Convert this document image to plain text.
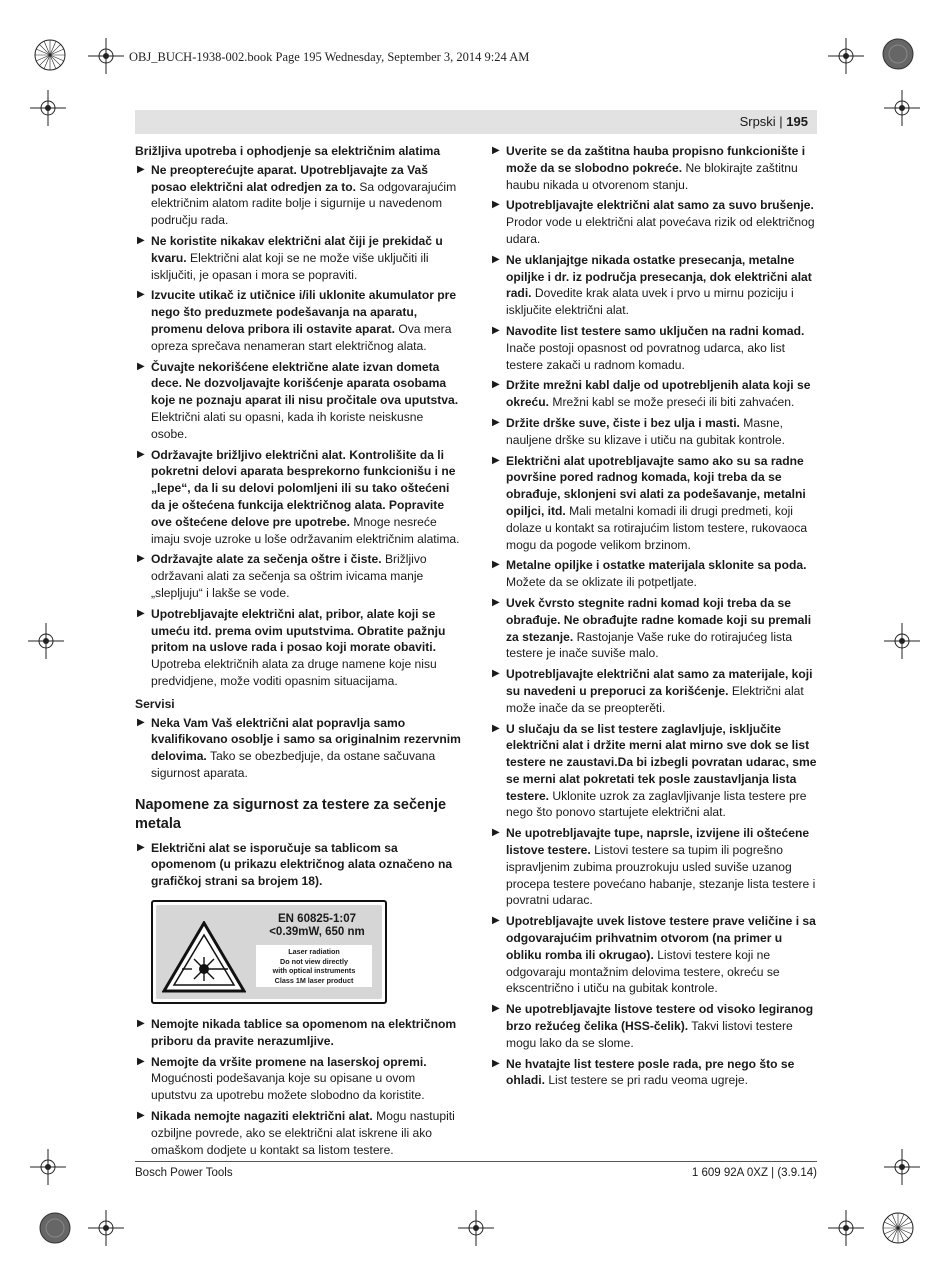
OBJ_BUCH-1938-002.book Page 195 Wednesday, September 3, 2014 9:24 AM
Srpski | 195
Brižljiva upotreba i ophodjenje sa električnim alatima
▶ Ne preopterećujte aparat. Upotrebljavajte za Vaš posao električni alat odredjen za to. Sa odgovarajućim električnim alatom radite bolje i sigurnije u navedenom području rada.
▶ Ne koristite nikakav električni alat čiji je prekidač u kvaru. Električni alat koji se ne može više uključiti ili isključiti, je opasan i mora se popraviti.
▶ Izvucite utikač iz utičnice i/ili uklonite akumulator pre nego što preduzmete podešavanja na aparatu, promenu delova pribora ili ostavite aparat. Ova mera opreza sprečava nenameran start električnog alata.
▶ Čuvajte nekorišćene električne alate izvan dometa dece. Ne dozvoljavajte korišćenje aparata osobama koje ne poznaju aparat ili nisu pročitale ova uputstva. Električni alati su opasni, kada ih koriste neiskusne osobe.
▶ Održavajte brižljivo električni alat. Kontrolišite da li pokretni delovi aparata besprekorno funkcionišu i ne „lepe“, da li su delovi polomljeni ili su tako oštećeni da je oštećena funkcija električnog alata. Popravite ove oštećene delove pre upotrebe. Mnoge nesreće imaju svoje uzroke u loše održavanim električnim alatima.
▶ Održavajte alate za sečenja oštre i čiste. Brižljivo održavani alati za sečenja sa oštrim ivicama manje „slepljuju“ i lakše se vode.
▶ Upotrebljavajte električni alat, pribor, alate koji se umeću itd. prema ovim uputstvima. Obratite pažnju pritom na uslove rada i posao koji morate obaviti. Upotreba električnih alata za druge namene koje nisu predvidjene, može voditi opasnim situacijama.
Servisi
▶ Neka Vam Vaš električni alat popravlja samo kvalifikovano osoblje i samo sa originalnim rezervnim delovima. Tako se obezbedjuje, da ostane sačuvana sigurnost aparata.
Napomene za sigurnost za testere za sečenje metala
▶ Električni alat se isporučuje sa tablicom sa opomenom (u prikazu električnog alata označeno na grafičkoj strani sa brojem 18).
EN 60825-1:07
<0.39mW, 650 nm
Laser radiation
Do not view directly
with optical instruments
Class 1M laser product
▶ Nemojte nikada tablice sa opomenom na električnom priboru da pravite nerazumljive.
▶ Nemojte da vršite promene na laserskoj opremi. Mogućnosti podešavanja koje su opisane u ovom uputstvu za upotrebu možete slobodno da koristite.
▶ Nikada nemojte nagaziti električni alat. Mogu nastupiti ozbiljne povrede, ako se električni alat iskrene ili ako omaškom dodjete u kontakt sa listom testere.
▶ Uverite se da zaštitna hauba propisno funkcionište i može da se slobodno pokreće. Ne blokirajte zaštitnu haubu nikada u otvorenom stanju.
▶ Upotrebljavajte električni alat samo za suvo brušenje. Prodor vode u električni alat povećava rizik od električnog udara.
▶ Ne uklanjajtge nikada ostatke presecanja, metalne opiljke i dr. iz područja presecanja, dok električni alat radi. Dovedite krak alata uvek i prvo u mirnu poziciju i isključite električni alat.
▶ Navodite list testere samo uključen na radni komad. Inače postoji opasnost od povratnog udarca, ako list testere zakači u radnom komadu.
▶ Držite mrežni kabl dalje od upotrebljenih alata koji se okreću. Mrežni kabl se može preseći ili biti zahvaćen.
▶ Držite drške suve, čiste i bez ulja i masti. Masne, nauljene drške su klizave i utiču na gubitak kontrole.
▶ Električni alat upotrebljavajte samo ako su sa radne površine pored radnog komada, koji treba da se obrađuje, sklonjeni svi alati za podešavanje, metalni opiljci, itd. Mali metalni komadi ili drugi predmeti, koji dolaze u kontakt sa rotirajućim listom testere, rukovaoca mogu da pogode velikom brzinom.
▶ Metalne opiljke i ostatke materijala sklonite sa poda. Možete da se oklizate ili potpetljate.
▶ Uvek čvrsto stegnite radni komad koji treba da se obrađuje. Ne obrađujte radne komade koji su premali za stezanje. Rastojanje Vaše ruke do rotirajućeg lista testere je inače suviše malo.
▶ Upotrebljavajte električni alat samo za materijale, koji su navedeni u preporuci za korišćenje. Električni alat može inače da se preopterěti.
▶ U slučaju da se list testere zaglavljuje, isključite električni alat i držite merni alat mirno sve dok se list testere ne zaustavi.Da bi izbegli povratan udarac, sme se merni alat pokretati tek posle zaustavljanja lista testere. Uklonite uzrok za zaglavljivanje lista testere pre nego što ponovo startujete električni alat.
▶ Ne upotrebljavajte tupe, naprsle, izvijene ili oštećene listove testere. Listovi testere sa tupim ili pogrešno ispravljenim zubima prouzrokuju usled suviše uzanog procepa testere povećano habanje, stezanje lista testere i povratni udarac.
▶ Upotrebljavajte uvek listove testere prave veličine i sa odgovarajućim prihvatnim otvorom (na primer u obliku romba ili okrugao). Listovi testere koji ne odgovaraju montažnim delovima testere, okreću se ekscentrično i utiču na gubitak kontrole.
▶ Ne upotrebljavajte listove testere od visoko legiranog brzo režućeg čelika (HSS-čelik). Takvi listovi testere mogu lako da se slome.
▶ Ne hvatajte list testere posle rada, pre nego što se ohladi. List testere se pri radu veoma ugreje.
Bosch Power Tools	1 609 92A 0XZ | (3.9.14)
